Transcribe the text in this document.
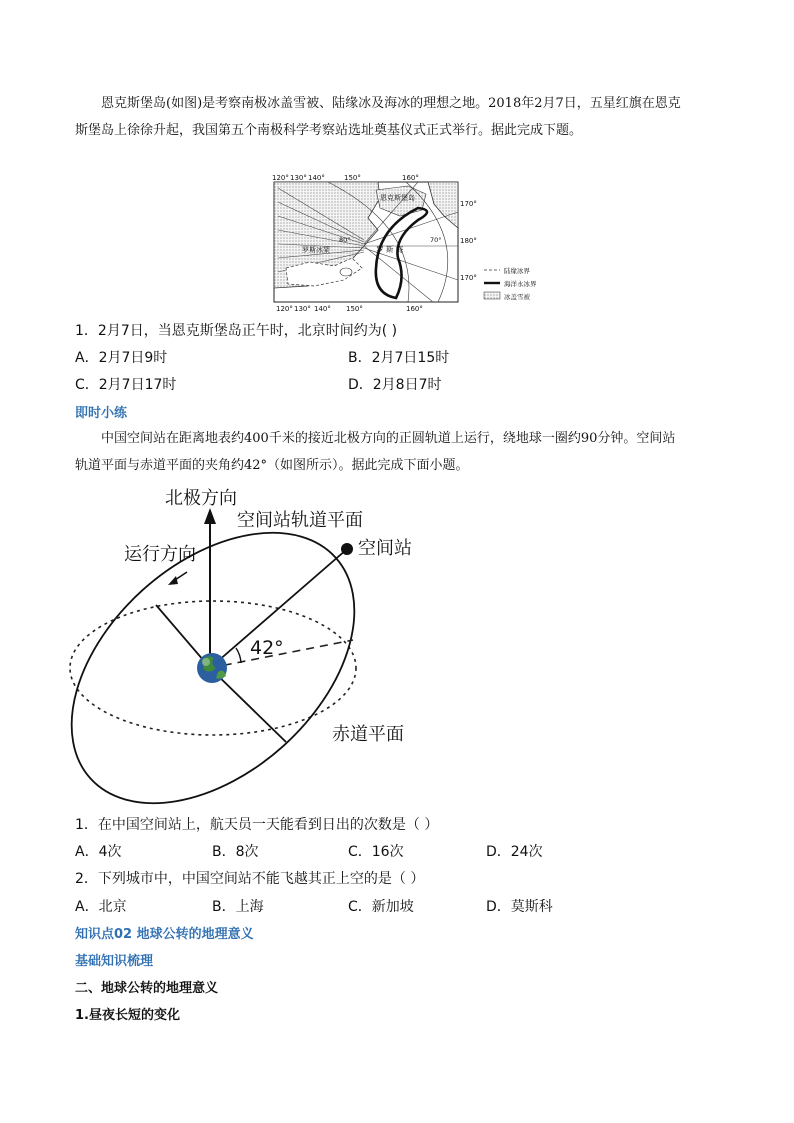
恩克斯堡岛(如图)是考察南极冰盖雪被、陆缘冰及海冰的理想之地。2018年2月7日，五星红旗在恩克
斯堡岛上徐徐升起，我国第五个南极科学考察站选址奠基仪式正式举行。据此完成下题。
120° 130° 140°	150°	160°
120° 130° 140° 150°	160°
170°
180°
170°
80°	70°
恩克斯堡岛
罗斯冰架	罗 斯 海
陆缘冰界
海洋永冰界
冰盖雪被
1．2月7日，当恩克斯堡岛正午时，北京时间约为( )
A．2月7日9时	B．2月7日15时
C．2月7日17时	D．2月8日7时
即时小练
中国空间站在距离地表约400千米的接近北极方向的正圆轨道上运行，绕地球一圈约90分钟。空间站
轨道平面与赤道平面的夹角约42°（如图所示）。据此完成下面小题。
北极方向
空间站轨道平面
空间站
运行方向
42°
赤道平面
1．在中国空间站上，航天员一天能看到日出的次数是（ ）
A．4次	B．8次	C．16次	D．24次
2．下列城市中，中国空间站不能飞越其正上空的是（ ）
A．北京	B．上海	C．新加坡	D．莫斯科
知识点02 地球公转的地理意义
基础知识梳理
二、地球公转的地理意义
1.昼夜长短的变化
